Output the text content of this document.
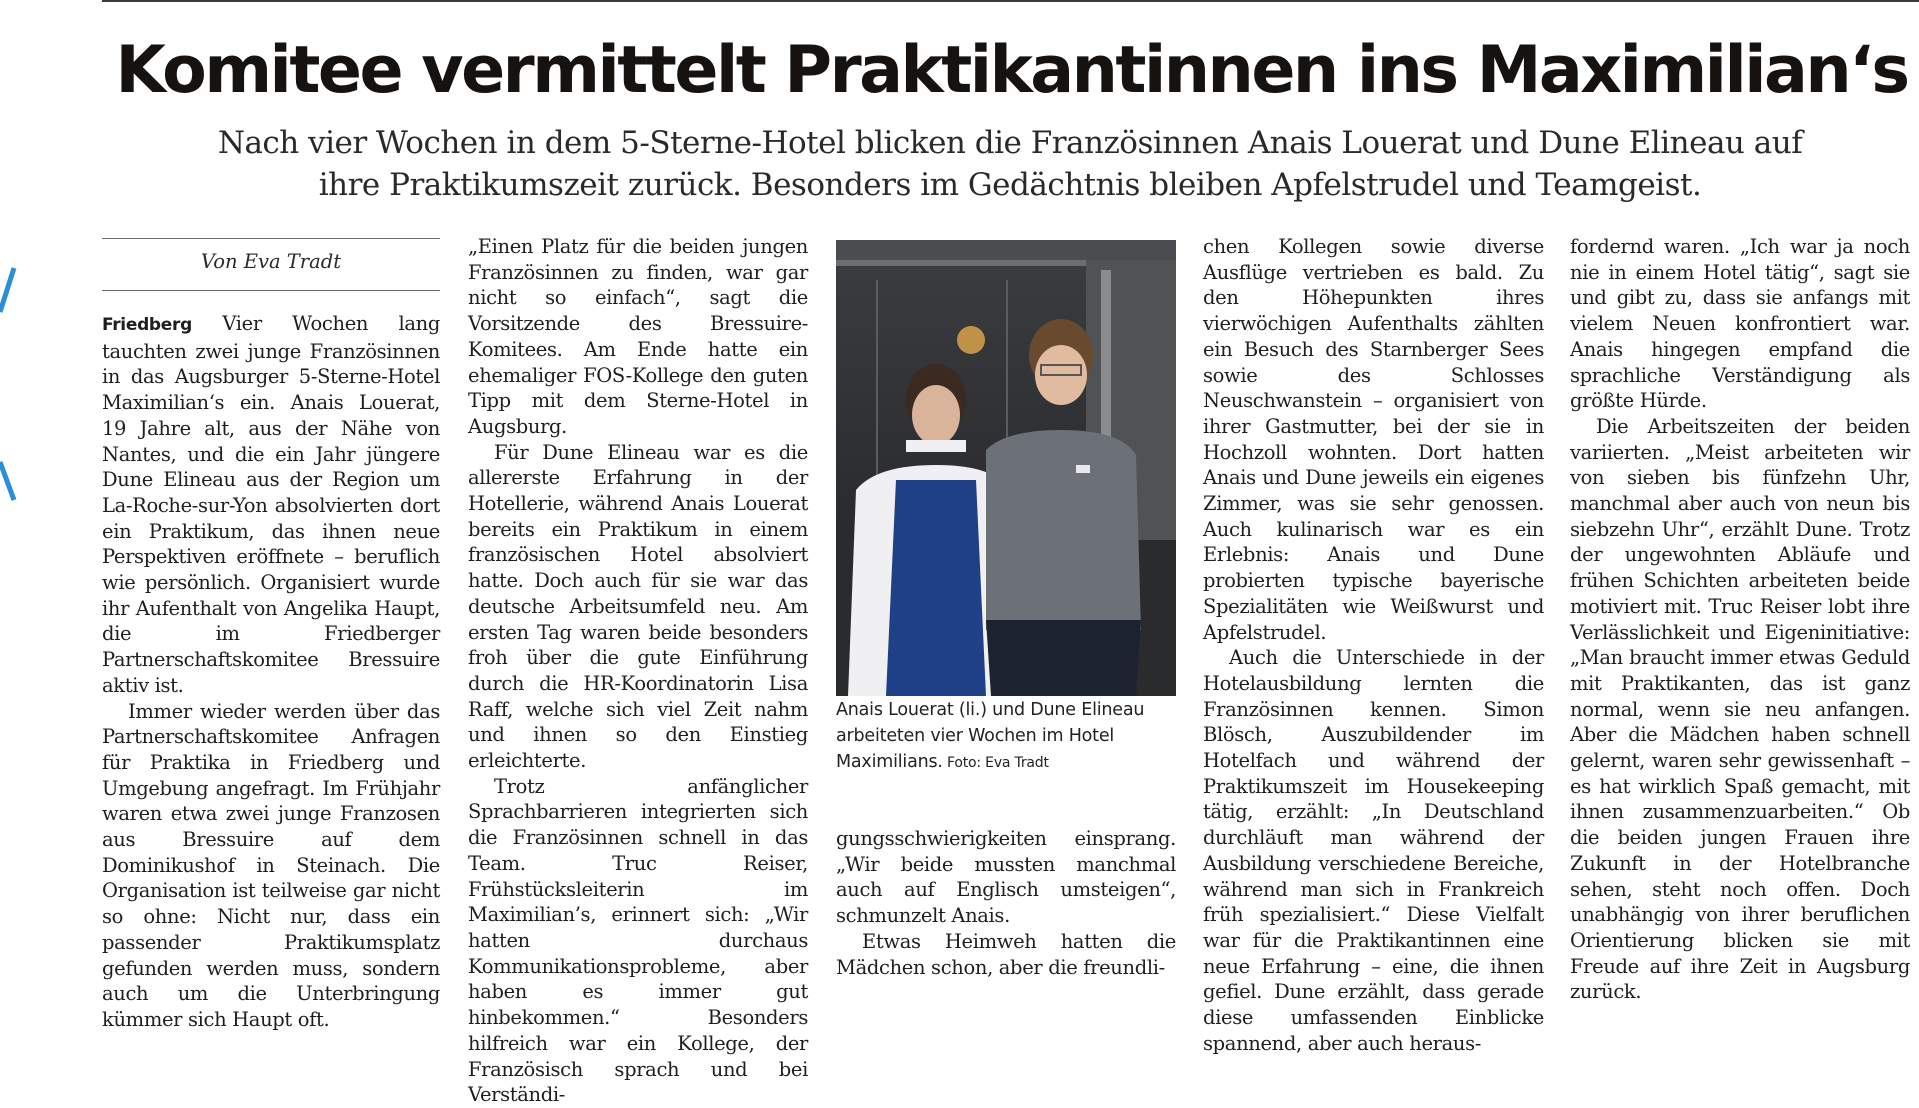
Komitee vermittelt Praktikantinnen ins Maximilian‘s
Nach vier Wochen in dem 5-Sterne-Hotel blicken die Französinnen Anais Louerat und Dune Elineau auf ihre Praktikumszeit zurück. Besonders im Gedächtnis bleiben Apfelstrudel und Teamgeist.
Von Eva Tradt

Friedberg Vier Wochen lang tauchten zwei junge Französinnen in das Augsburger 5-Sterne-Hotel Maximilian‘s ein. Anais Louerat, 19 Jahre alt, aus der Nähe von Nantes, und die ein Jahr jüngere Dune Elineau aus der Region um La-Roche-sur-Yon absolvierten dort ein Praktikum, das ihnen neue Perspektiven eröffnete – beruflich wie persönlich. Organisiert wurde ihr Aufenthalt von Angelika Haupt, die im Friedberger Partnerschaftskomitee Bressuire aktiv ist.

Immer wieder werden über das Partnerschaftskomitee Anfragen für Praktika in Friedberg und Umgebung angefragt. Im Frühjahr waren etwa zwei junge Franzosen aus Bressuire auf dem Dominikushof in Steinach. Die Organisation ist teilweise gar nicht so ohne: Nicht nur, dass ein passender Praktikumsplatz gefunden werden muss, sondern auch um die Unterbringung kümmer sich Haupt oft.

„Einen Platz für die beiden jungen Französinnen zu finden, war gar nicht so einfach“, sagt die Vorsitzende des Bressuire-Komitees. Am Ende hatte ein ehemaliger FOS-Kollege den guten Tipp mit dem Sterne-Hotel in Augsburg.

Für Dune Elineau war es die allererste Erfahrung in der Hotellerie, während Anais Louerat bereits ein Praktikum in einem französischen Hotel absolviert hatte. Doch auch für sie war das deutsche Arbeitsumfeld neu. Am ersten Tag waren beide besonders froh über die gute Einführung durch die HR-Koordinatorin Lisa Raff, welche sich viel Zeit nahm und ihnen so den Einstieg erleichterte.

Trotz anfänglicher Sprachbarrieren integrierten sich die Französinnen schnell in das Team. Truc Reiser, Frühstücksleiterin im Maximilian’s, erinnert sich: „Wir hatten durchaus Kommunikationsprobleme, aber haben es immer gut hinbekommen.“ Besonders hilfreich war ein Kollege, der Französisch sprach und bei Verständi-

Anais Louerat (li.) und Dune Elineau arbeiteten vier Wochen im Hotel Maximilians. Foto: Eva Tradt

gungsschwierigkeiten einsprang. „Wir beide mussten manchmal auch auf Englisch umsteigen“, schmunzelt Anais.

Etwas Heimweh hatten die Mädchen schon, aber die freundli-

chen Kollegen sowie diverse Ausflüge vertrieben es bald. Zu den Höhepunkten ihres vierwöchigen Aufenthalts zählten ein Besuch des Starnberger Sees sowie des Schlosses Neuschwanstein – organisiert von ihrer Gastmutter, bei der sie in Hochzoll wohnten. Dort hatten Anais und Dune jeweils ein eigenes Zimmer, was sie sehr genossen. Auch kulinarisch war es ein Erlebnis: Anais und Dune probierten typische bayerische Spezialitäten wie Weißwurst und Apfelstrudel.

Auch die Unterschiede in der Hotelausbildung lernten die Französinnen kennen. Simon Blösch, Auszubildender im Hotelfach und während der Praktikumszeit im Housekeeping tätig, erzählt: „In Deutschland durchläuft man während der Ausbildung verschiedene Bereiche, während man sich in Frankreich früh spezialisiert.“ Diese Vielfalt war für die Praktikantinnen eine neue Erfahrung – eine, die ihnen gefiel. Dune erzählt, dass gerade diese umfassenden Einblicke spannend, aber auch heraus-

fordernd waren. „Ich war ja noch nie in einem Hotel tätig“, sagt sie und gibt zu, dass sie anfangs mit vielem Neuen konfrontiert war. Anais hingegen empfand die sprachliche Verständigung als größte Hürde.

Die Arbeitszeiten der beiden variierten. „Meist arbeiteten wir von sieben bis fünfzehn Uhr, manchmal aber auch von neun bis siebzehn Uhr“, erzählt Dune. Trotz der ungewohnten Abläufe und frühen Schichten arbeiteten beide motiviert mit. Truc Reiser lobt ihre Verlässlichkeit und Eigeninitiative: „Man braucht immer etwas Geduld mit Praktikanten, das ist ganz normal, wenn sie neu anfangen. Aber die Mädchen haben schnell gelernt, waren sehr gewissenhaft – es hat wirklich Spaß gemacht, mit ihnen zusammenzuarbeiten.“ Ob die beiden jungen Frauen ihre Zukunft in der Hotelbranche sehen, steht noch offen. Doch unabhängig von ihrer beruflichen Orientierung blicken sie mit Freude auf ihre Zeit in Augsburg zurück.
